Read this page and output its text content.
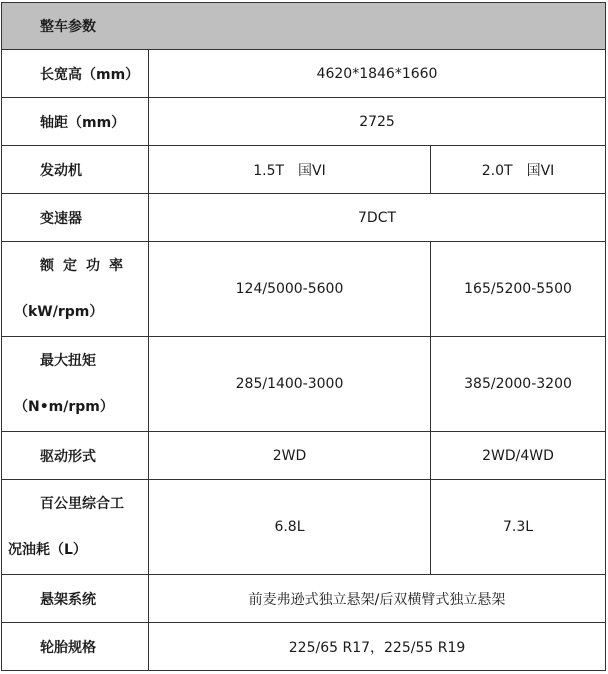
整车参数		
长宽高（mm）	4620*1846*1660	
轴距（mm）	2725	
发动机	1.5T　国VI	2.0T　国VI
变速器	7DCT	

额定功率
（kW/rpm）	124/5000-5600	165/5200-5500

最大扭矩
（N•m/rpm）	285/1400-3000	385/2000-3200
驱动形式	2WD	2WD/4WD

百公里综合工
况油耗（L）	6.8L	7.3L
悬架系统	前麦弗逊式独立悬架/后双横臂式独立悬架	
轮胎规格	225/65 R17，225/55 R19	
